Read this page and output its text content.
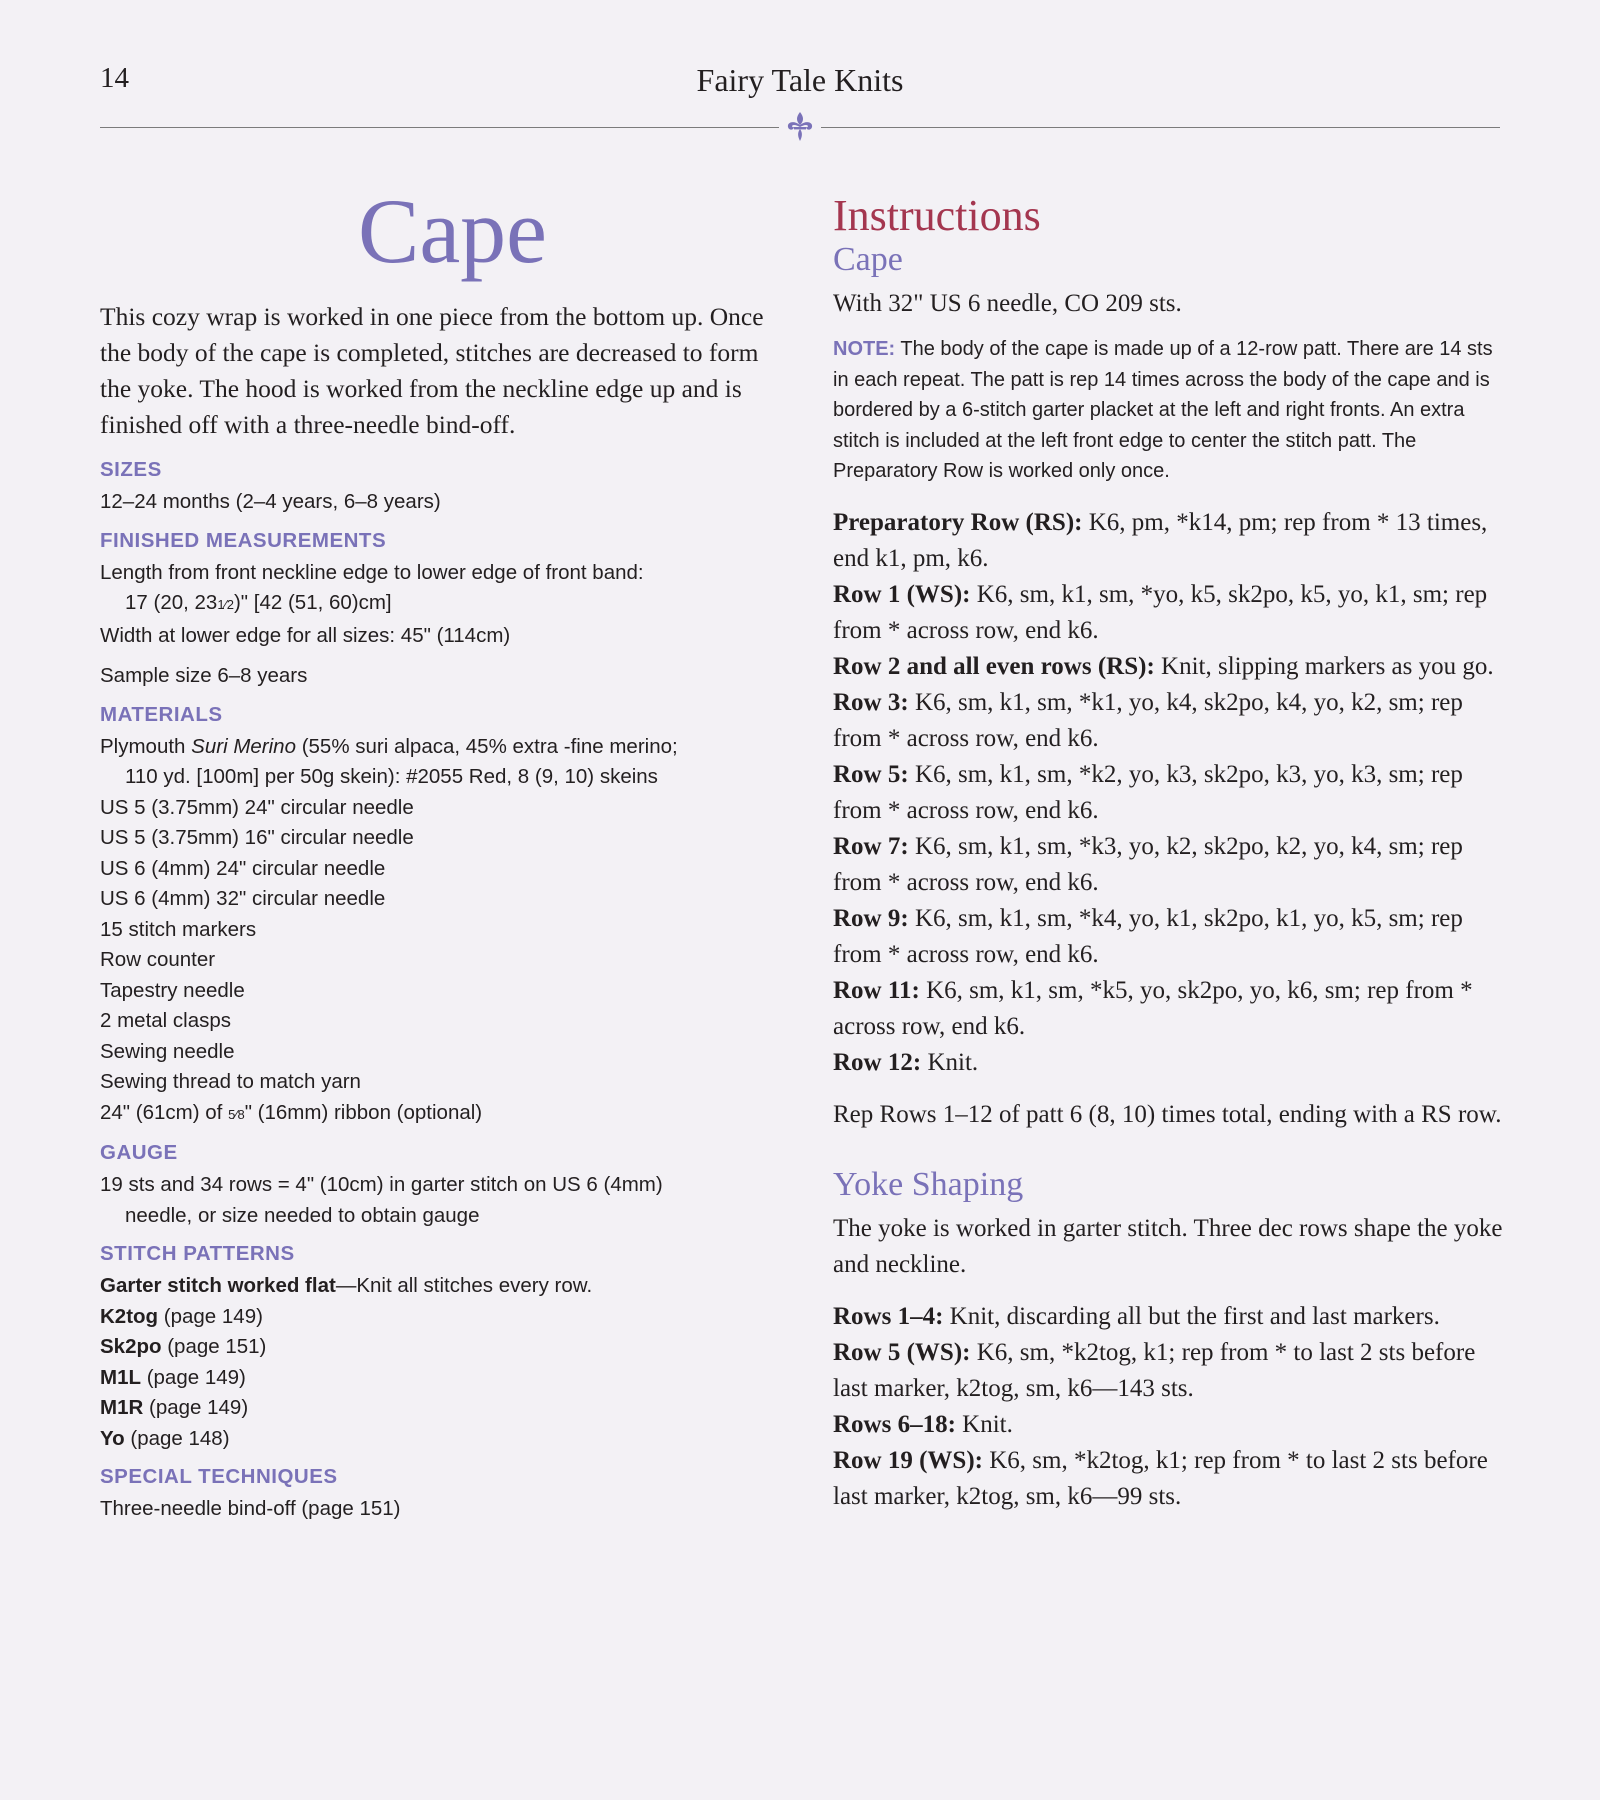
14	Fairy Tale Knits
Cape

This cozy wrap is worked in one piece from the bottom up. Once the body of the cape is completed, stitches are decreased to form the yoke. The hood is worked from the neckline edge up and is finished off with a three-needle bind-off.

SIZES

12–24 months (2–4 years, 6–8 years)

FINISHED MEASUREMENTS

Length from front neckline edge to lower edge of front band:

17 (20, 231⁄2)" [42 (51, 60)cm]

Width at lower edge for all sizes: 45" (114cm)

Sample size 6–8 years

MATERIALS

Plymouth Suri Merino (55% suri alpaca, 45% extra -fine merino;

110 yd. [100m] per 50g skein): #2055 Red, 8 (9, 10) skeins

US 5 (3.75mm) 24" circular needle

US 5 (3.75mm) 16" circular needle

US 6 (4mm) 24" circular needle

US 6 (4mm) 32" circular needle

15 stitch markers

Row counter

Tapestry needle

2 metal clasps

Sewing needle

Sewing thread to match yarn

24" (61cm) of 5⁄8" (16mm) ribbon (optional)

GAUGE

19 sts and 34 rows = 4" (10cm) in garter stitch on US 6 (4mm)

needle, or size needed to obtain gauge

STITCH PATTERNS

Garter stitch worked flat—Knit all stitches every row.

K2tog (page 149)

Sk2po (page 151)

M1L (page 149)

M1R (page 149)

Yo (page 148)

SPECIAL TECHNIQUES

Three-needle bind-off (page 151)

Instructions
Cape

With 32" US 6 needle, CO 209 sts.

NOTE: The body of the cape is made up of a 12-row patt. There are 14 sts in each repeat. The patt is rep 14 times across the body of the cape and is bordered by a 6-stitch garter placket at the left and right fronts. An extra stitch is included at the left front edge to center the stitch patt. The Preparatory Row is worked only once.

Preparatory Row (RS): K6, pm, *k14, pm; rep from * 13 times, end k1, pm, k6.

Row 1 (WS): K6, sm, k1, sm, *yo, k5, sk2po, k5, yo, k1, sm; rep from * across row, end k6.

Row 2 and all even rows (RS): Knit, slipping markers as you go.

Row 3: K6, sm, k1, sm, *k1, yo, k4, sk2po, k4, yo, k2, sm; rep from * across row, end k6.

Row 5: K6, sm, k1, sm, *k2, yo, k3, sk2po, k3, yo, k3, sm; rep from * across row, end k6.

Row 7: K6, sm, k1, sm, *k3, yo, k2, sk2po, k2, yo, k4, sm; rep from * across row, end k6.

Row 9: K6, sm, k1, sm, *k4, yo, k1, sk2po, k1, yo, k5, sm; rep from * across row, end k6.

Row 11: K6, sm, k1, sm, *k5, yo, sk2po, yo, k6, sm; rep from * across row, end k6.

Row 12: Knit.

Rep Rows 1–12 of patt 6 (8, 10) times total, ending with a RS row.

Yoke Shaping

The yoke is worked in garter stitch. Three dec rows shape the yoke and neckline.

Rows 1–4: Knit, discarding all but the first and last markers.

Row 5 (WS): K6, sm, *k2tog, k1; rep from * to last 2 sts before last marker, k2tog, sm, k6—143 sts.

Rows 6–18: Knit.

Row 19 (WS): K6, sm, *k2tog, k1; rep from * to last 2 sts before last marker, k2tog, sm, k6—99 sts.
